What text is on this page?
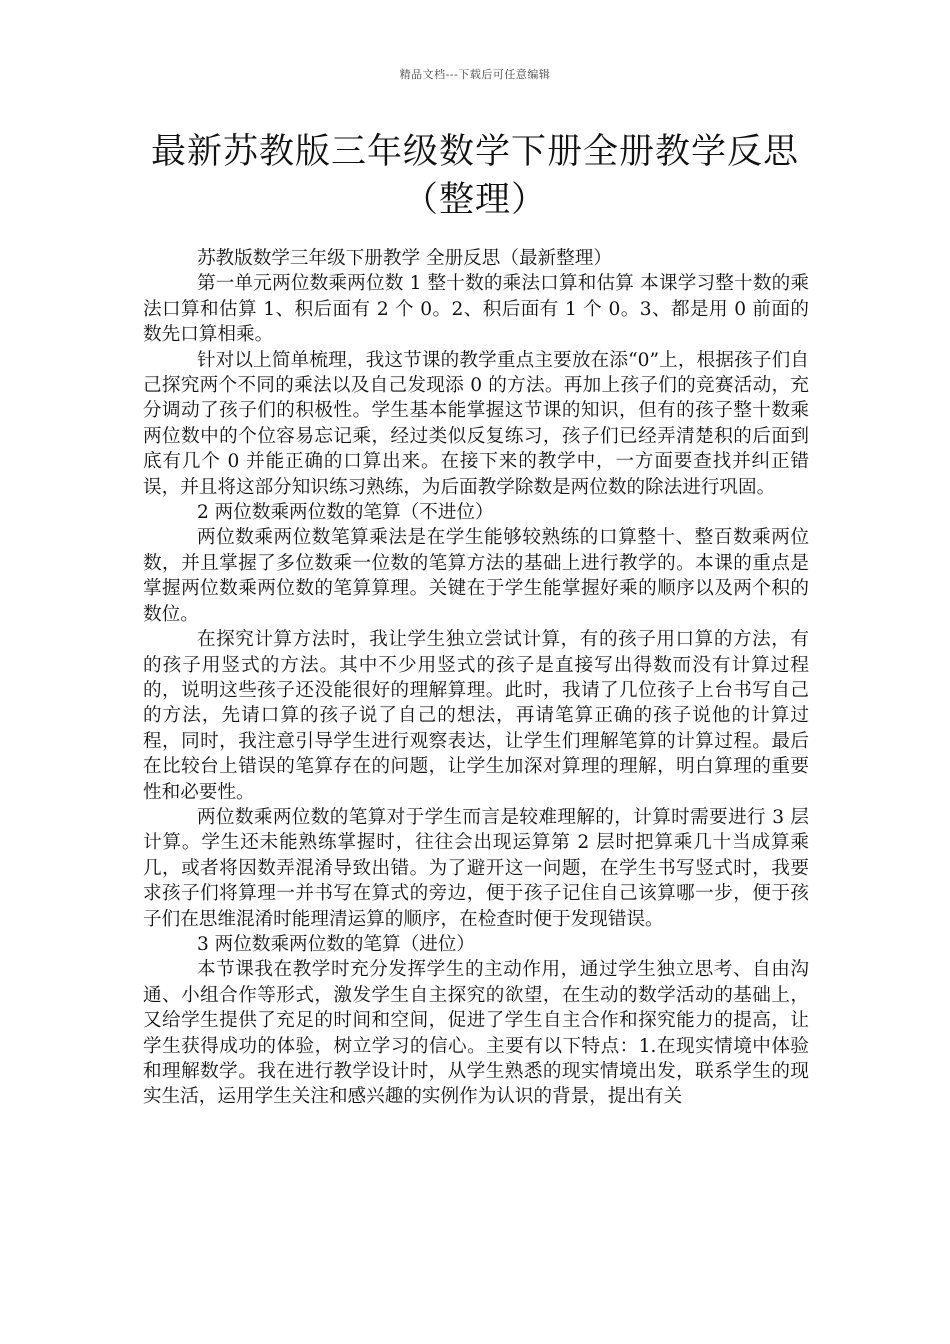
精品文档---下载后可任意编辑
最新苏教版三年级数学下册全册教学反思
（整理）

苏教版数学三年级下册教学 全册反思（最新整理）

第一单元两位数乘两位数 1 整十数的乘法口算和估算 本课学习整十数的乘法口算和估算 1、积后面有 2 个 0。2、积后面有 1 个 0。3、都是用 0 前面的数先口算相乘。

针对以上简单梳理，我这节课的教学重点主要放在添“0”上，根据孩子们自己探究两个不同的乘法以及自己发现添 0 的方法。再加上孩子们的竞赛活动，充分调动了孩子们的积极性。学生基本能掌握这节课的知识，但有的孩子整十数乘两位数中的个位容易忘记乘，经过类似反复练习，孩子们已经弄清楚积的后面到底有几个 0 并能正确的口算出来。在接下来的教学中，一方面要查找并纠正错误，并且将这部分知识练习熟练，为后面教学除数是两位数的除法进行巩固。

2 两位数乘两位数的笔算（不进位）

两位数乘两位数笔算乘法是在学生能够较熟练的口算整十、整百数乘两位数，并且掌握了多位数乘一位数的笔算方法的基础上进行教学的。本课的重点是掌握两位数乘两位数的笔算算理。关键在于学生能掌握好乘的顺序以及两个积的数位。

在探究计算方法时，我让学生独立尝试计算，有的孩子用口算的方法，有的孩子用竖式的方法。其中不少用竖式的孩子是直接写出得数而没有计算过程的，说明这些孩子还没能很好的理解算理。此时，我请了几位孩子上台书写自己的方法，先请口算的孩子说了自己的想法，再请笔算正确的孩子说他的计算过程，同时，我注意引导学生进行观察表达，让学生们理解笔算的计算过程。最后在比较台上错误的笔算存在的问题，让学生加深对算理的理解，明白算理的重要性和必要性。

两位数乘两位数的笔算对于学生而言是较难理解的，计算时需要进行 3 层计算。学生还未能熟练掌握时，往往会出现运算第 2 层时把算乘几十当成算乘几，或者将因数弄混淆导致出错。为了避开这一问题，在学生书写竖式时，我要求孩子们将算理一并书写在算式的旁边，便于孩子记住自己该算哪一步，便于孩子们在思维混淆时能理清运算的顺序，在检查时便于发现错误。

3 两位数乘两位数的笔算（进位）

本节课我在教学时充分发挥学生的主动作用，通过学生独立思考、自由沟通、小组合作等形式，激发学生自主探究的欲望，在生动的数学活动的基础上，又给学生提供了充足的时间和空间，促进了学生自主合作和探究能力的提高，让学生获得成功的体验，树立学习的信心。主要有以下特点：1.在现实情境中体验和理解数学。我在进行教学设计时，从学生熟悉的现实情境出发，联系学生的现实生活，运用学生关注和感兴趣的实例作为认识的背景，提出有关
